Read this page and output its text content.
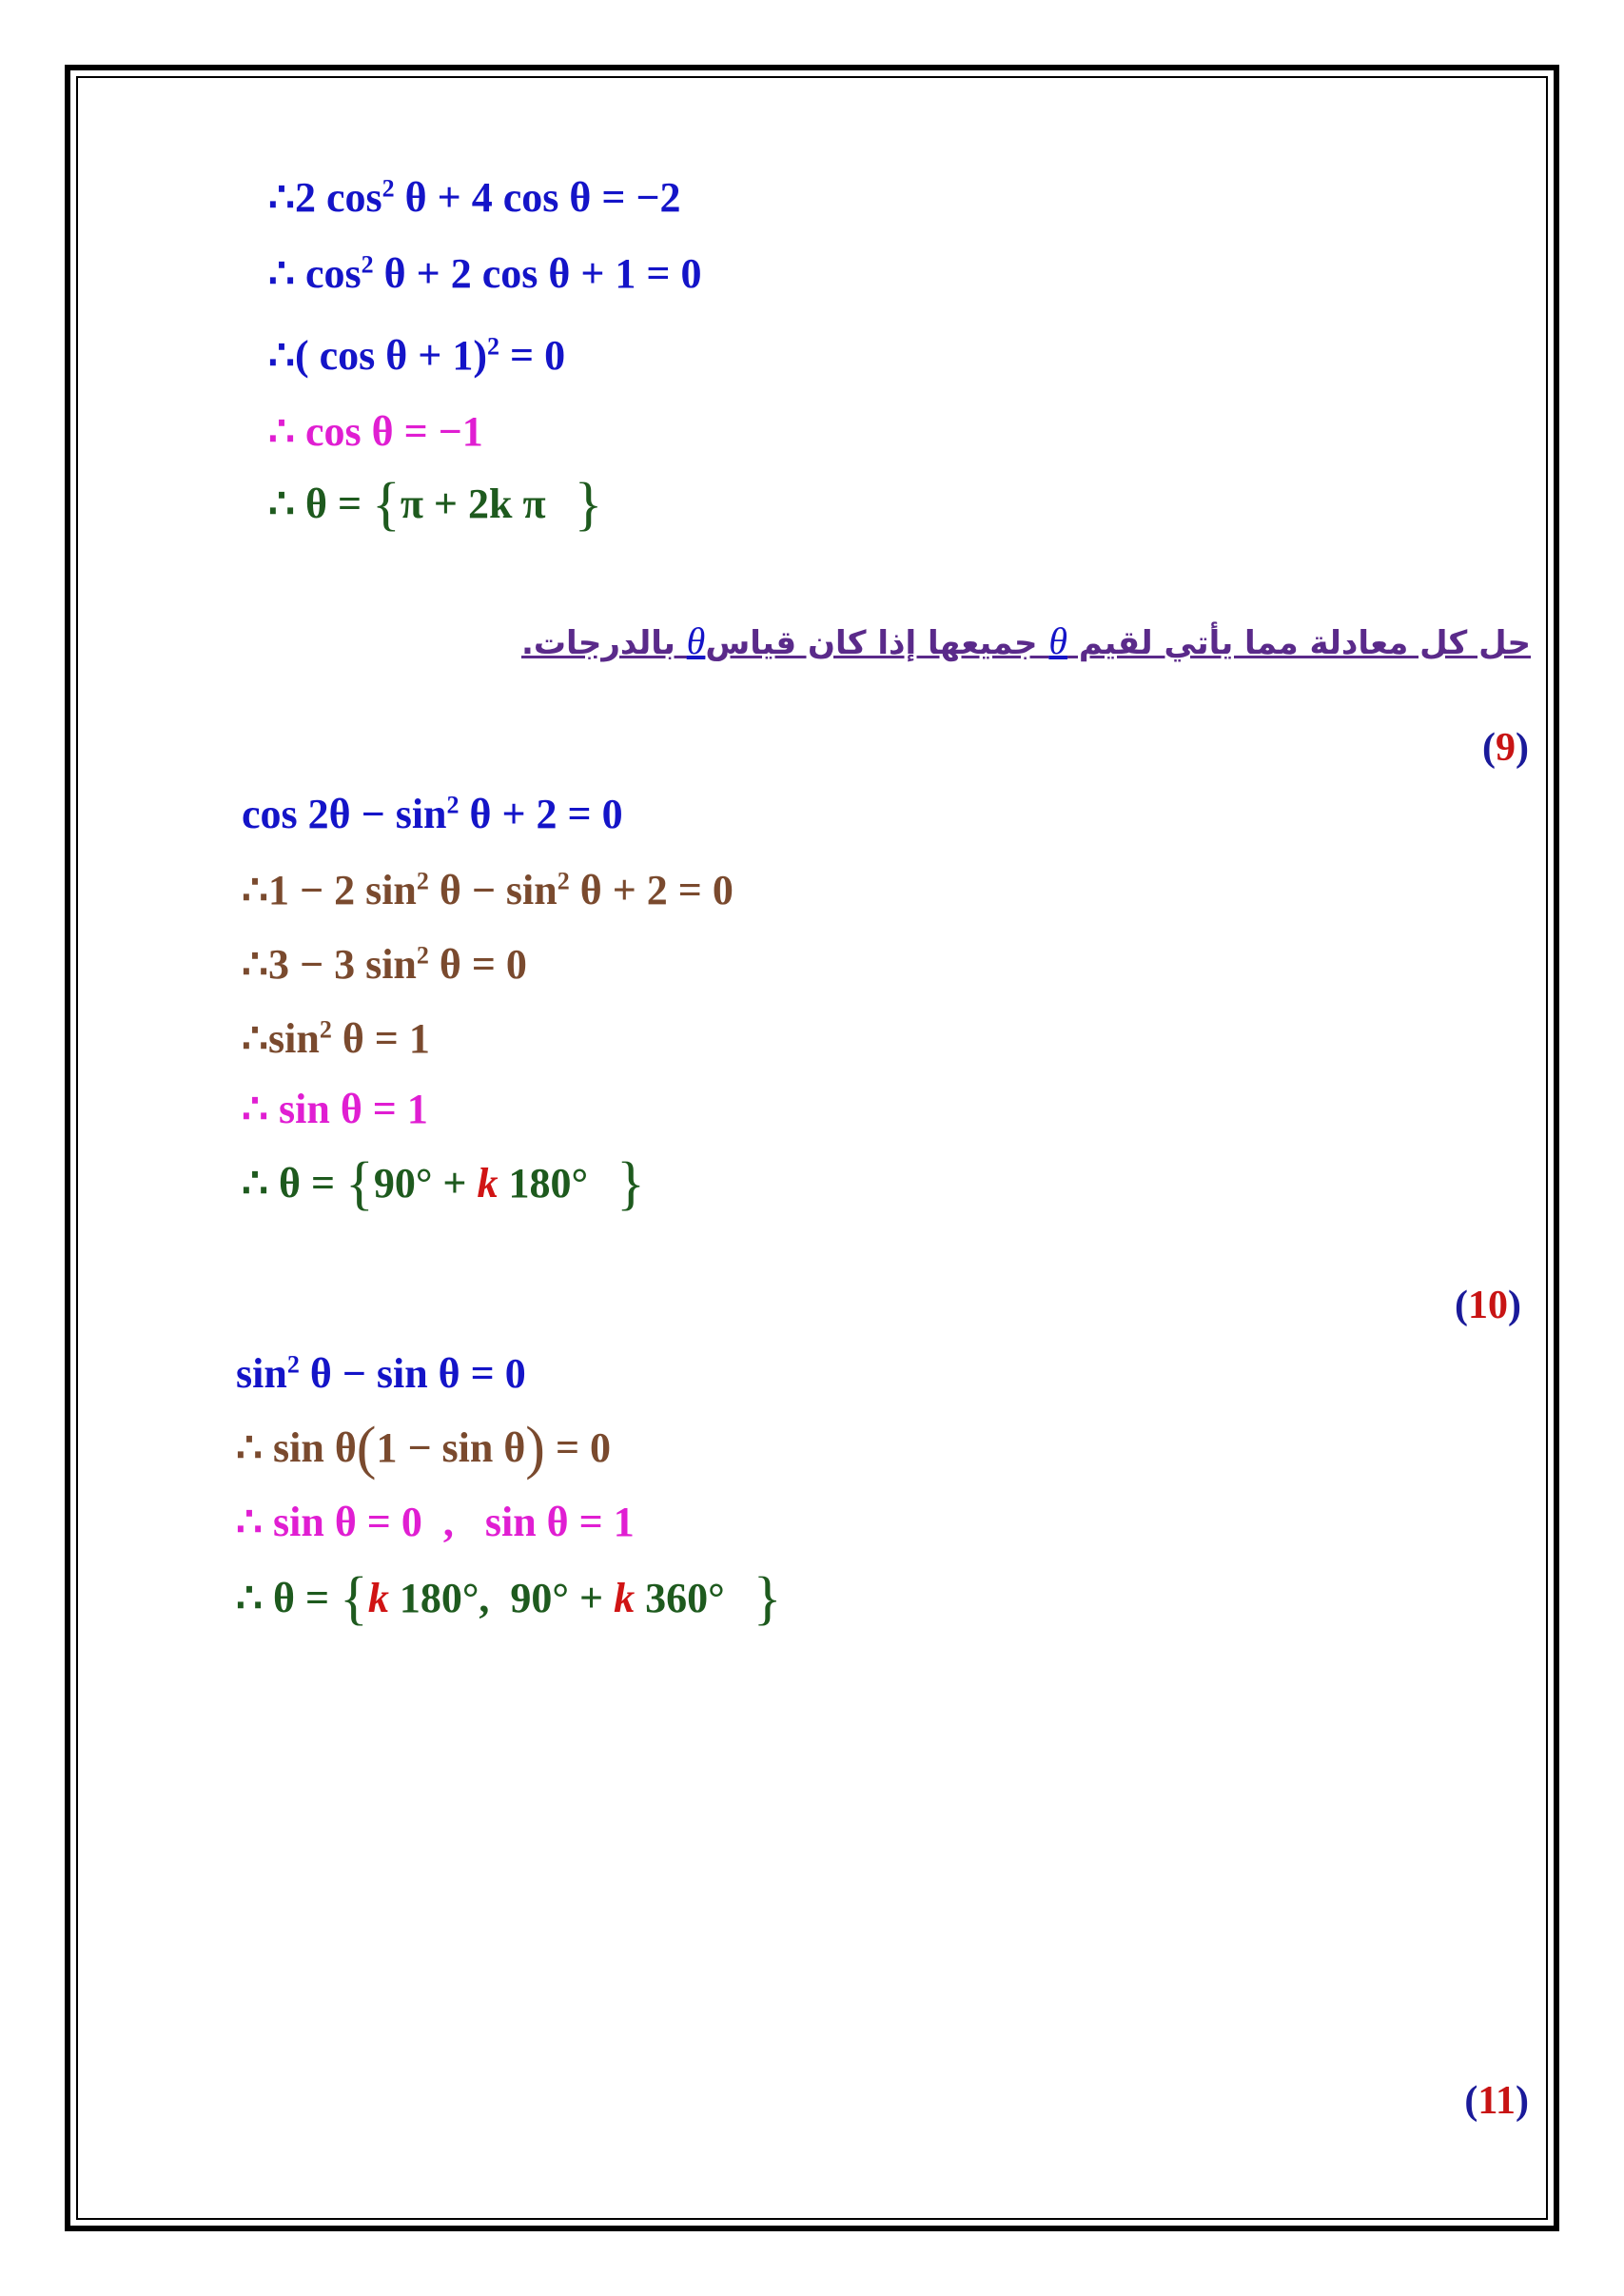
∴2 $\cos^2 \theta + 4$ cos θ = −2
∴ $\cos^2 \theta + 2$ cos θ + 1 = 0
∴( cos θ + 1)$^2$ = 0
∴ cos θ = −1
∴ θ = {π + 2k π }
حل كل معادلة مما يأتي لقيم θ جميعها إذا كان قياسθ بالدرجات.
(9)
$\cos 2\theta - \sin^2 \theta + 2 = 0$
∴1 − 2 $\sin^2 \theta - \sin^2 \theta + 2 = 0$
∴3 − 3 $\sin^2 \theta = 0$
$\therefore\sin^2$ θ = 1
∴ sin θ = 1
∴ θ = {90° + k 180° }
(10)
$\sin^2 \theta - \sin \theta = 0$
∴ sin θ(1 − sin θ) = 0
∴ sin θ = 0  ,   sin θ = 1
∴ θ = {k 180°,  90° + k 360° }
(11)
